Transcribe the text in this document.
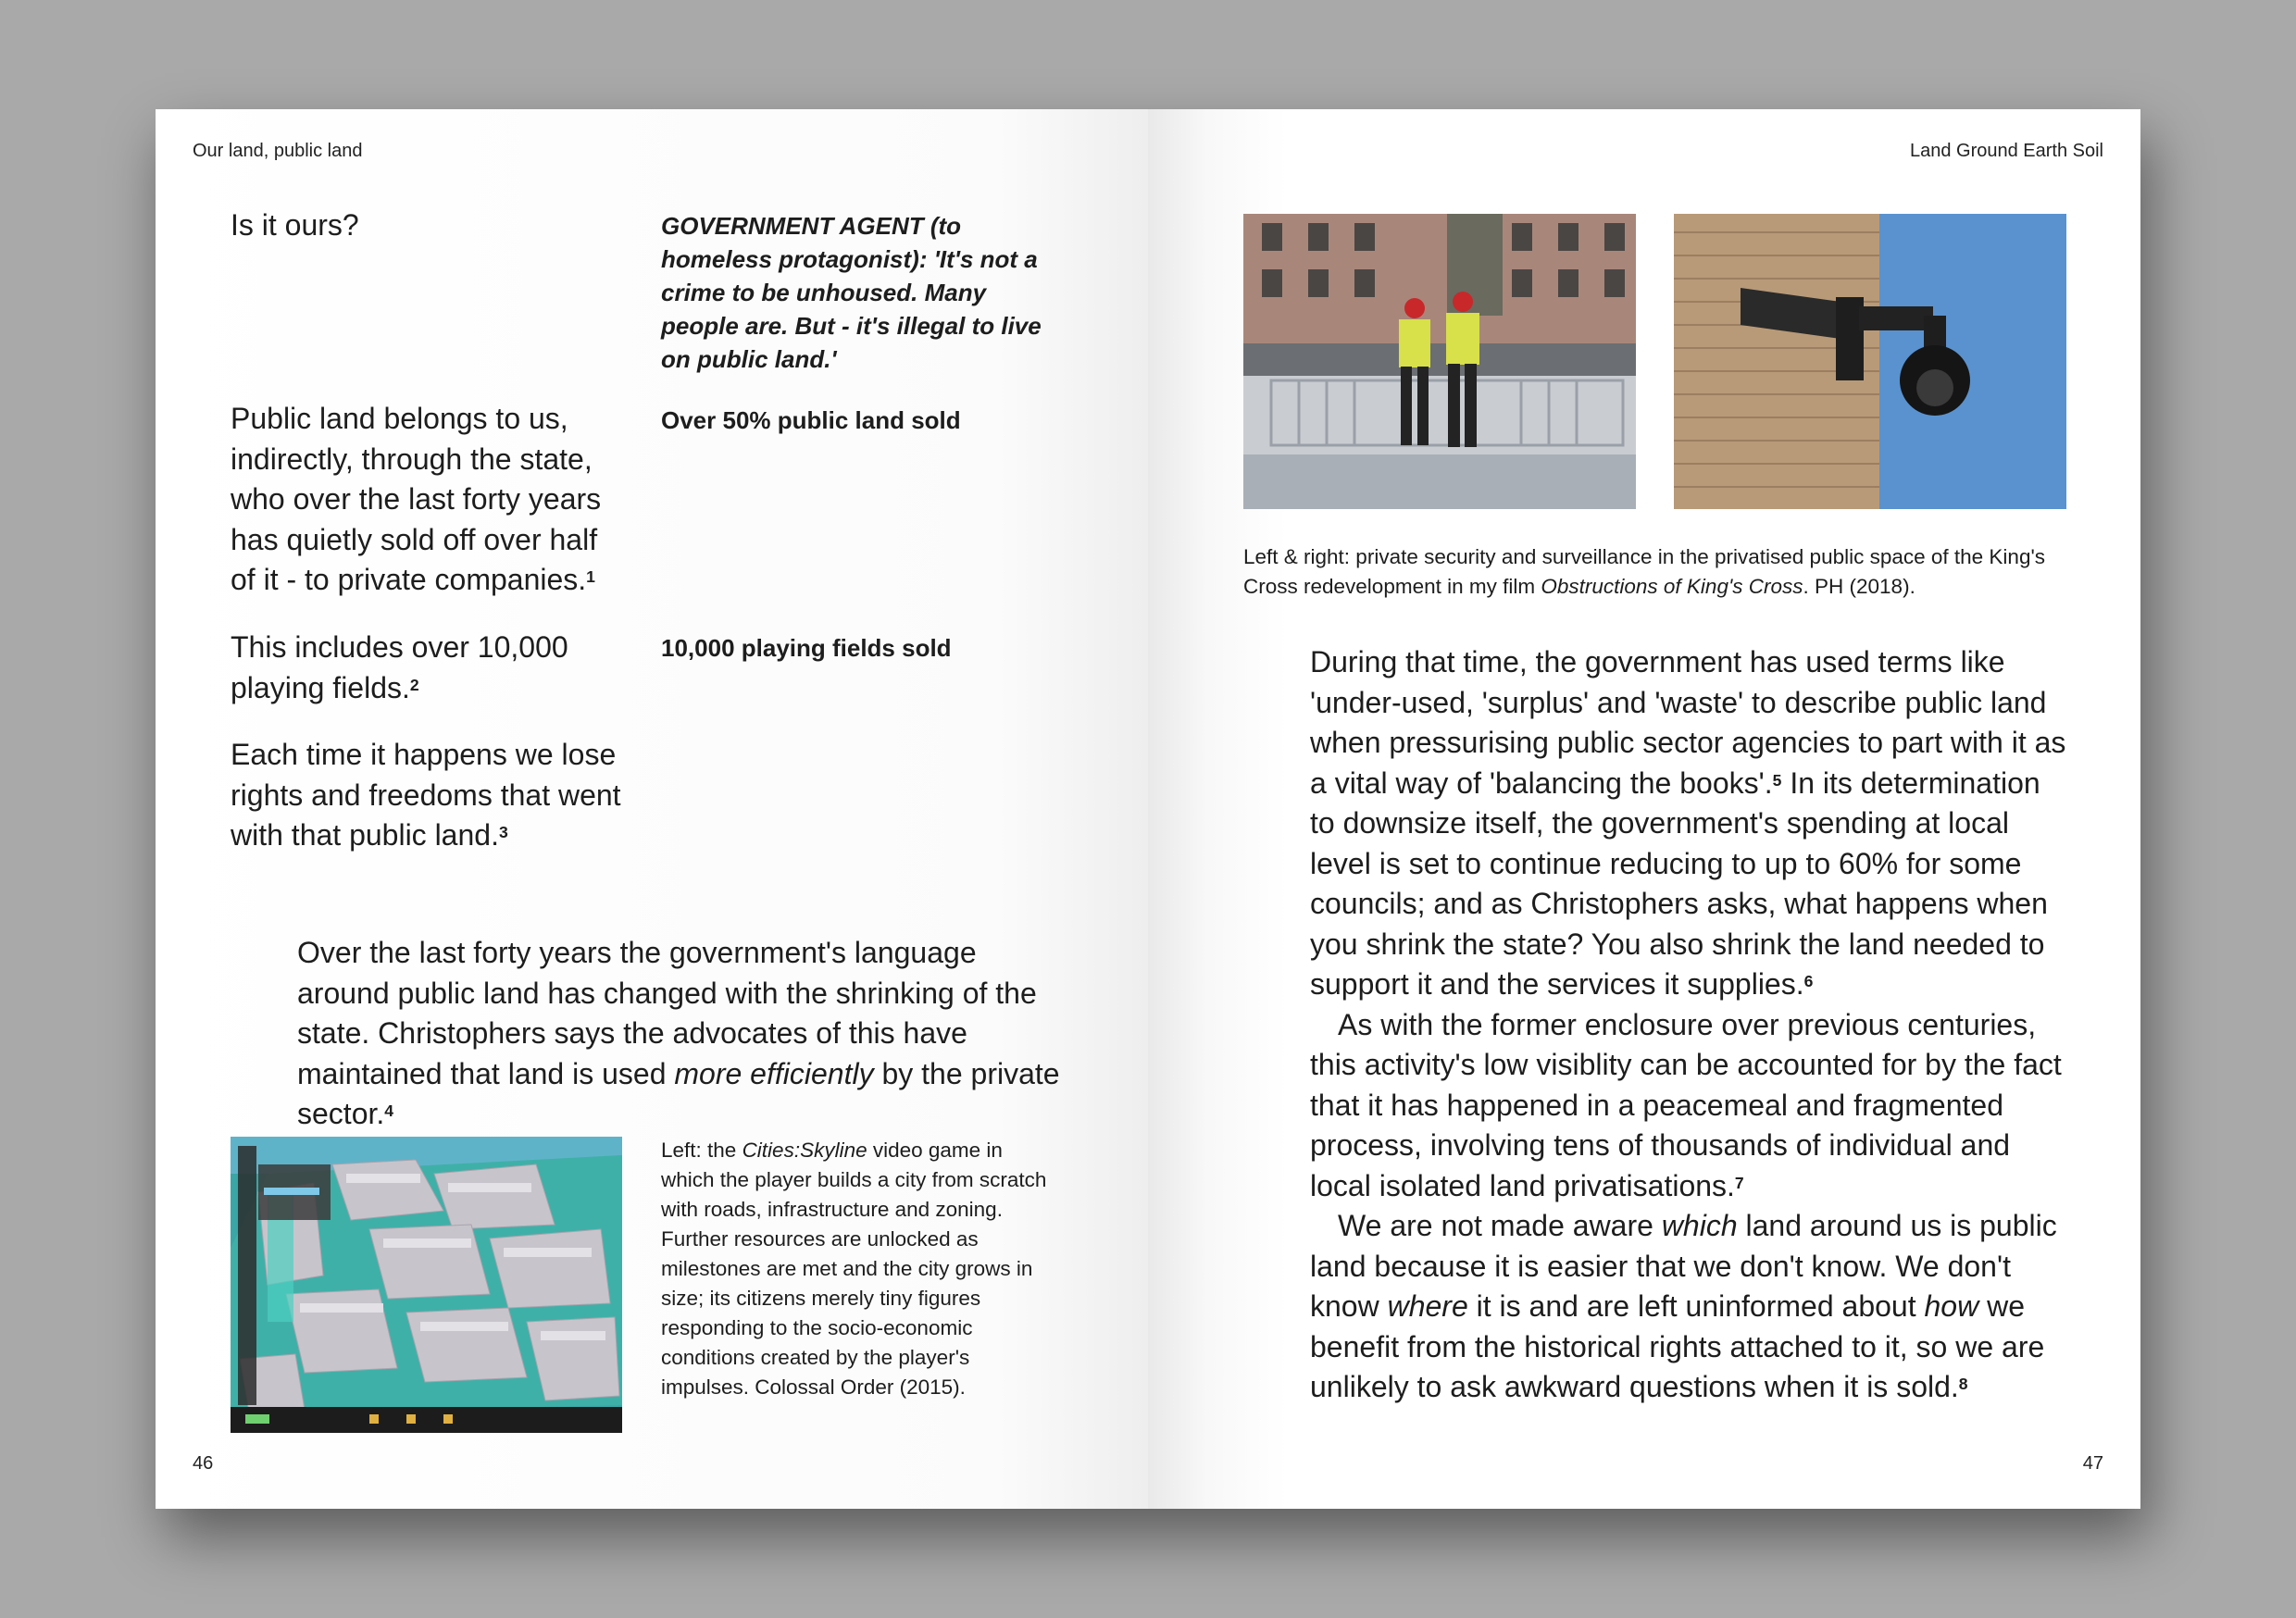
Our land, public land
Is it ours?	GOVERNMENT AGENT (to homeless protagonist): 'It's not a crime to be unhoused. Many people are. But - it's illegal to live on public land.'
Public land belongs to us, indirectly, through the state, who over the last forty years has quietly sold off over half of it - to private companies.$^1$
Over 50% public land sold
This includes over 10,000 playing fields.$^2$
10,000 playing fields sold
Each time it happens we lose rights and freedoms that went with that public land.$^3$
Over the last forty years the government's language around public land has changed with the shrinking of the state. Christophers says the advocates of this have maintained that land is used more efficiently by the private sector.$^4$
Left: the Cities:Skyline video game in which the player builds a city from scratch with roads, infrastructure and zoning. Further resources are unlocked as milestones are met and the city grows in size; its citizens merely tiny figures responding to the socio-economic conditions created by the player's impulses. Colossal Order (2015).
46
Land Ground Earth Soil
Left & right: private security and surveillance in the privatised public space of the King's Cross redevelopment in my film Obstructions of King's Cross. PH (2018).

During that time, the government has used terms like 'under-used, 'surplus' and 'waste' to describe public land when pressurising public sector agencies to part with it as a vital way of 'balancing the books'.$^5$ In its determination to downsize itself, the government's spending at local level is set to continue reducing to up to 60% for some councils; and as Christophers asks, what happens when you shrink the state? You also shrink the land needed to support it and the services it supplies.$^6$

As with the former enclosure over previous centuries, this activity's low visiblity can be accounted for by the fact that it has happened in a peacemeal and fragmented process, involving tens of thousands of individual and local isolated land privatisations.$^7$

We are not made aware which land around us is public land because it is easier that we don't know. We don't know where it is and are left uninformed about how we benefit from the historical rights attached to it, so we are unlikely to ask awkward questions when it is sold.$^8$

47
